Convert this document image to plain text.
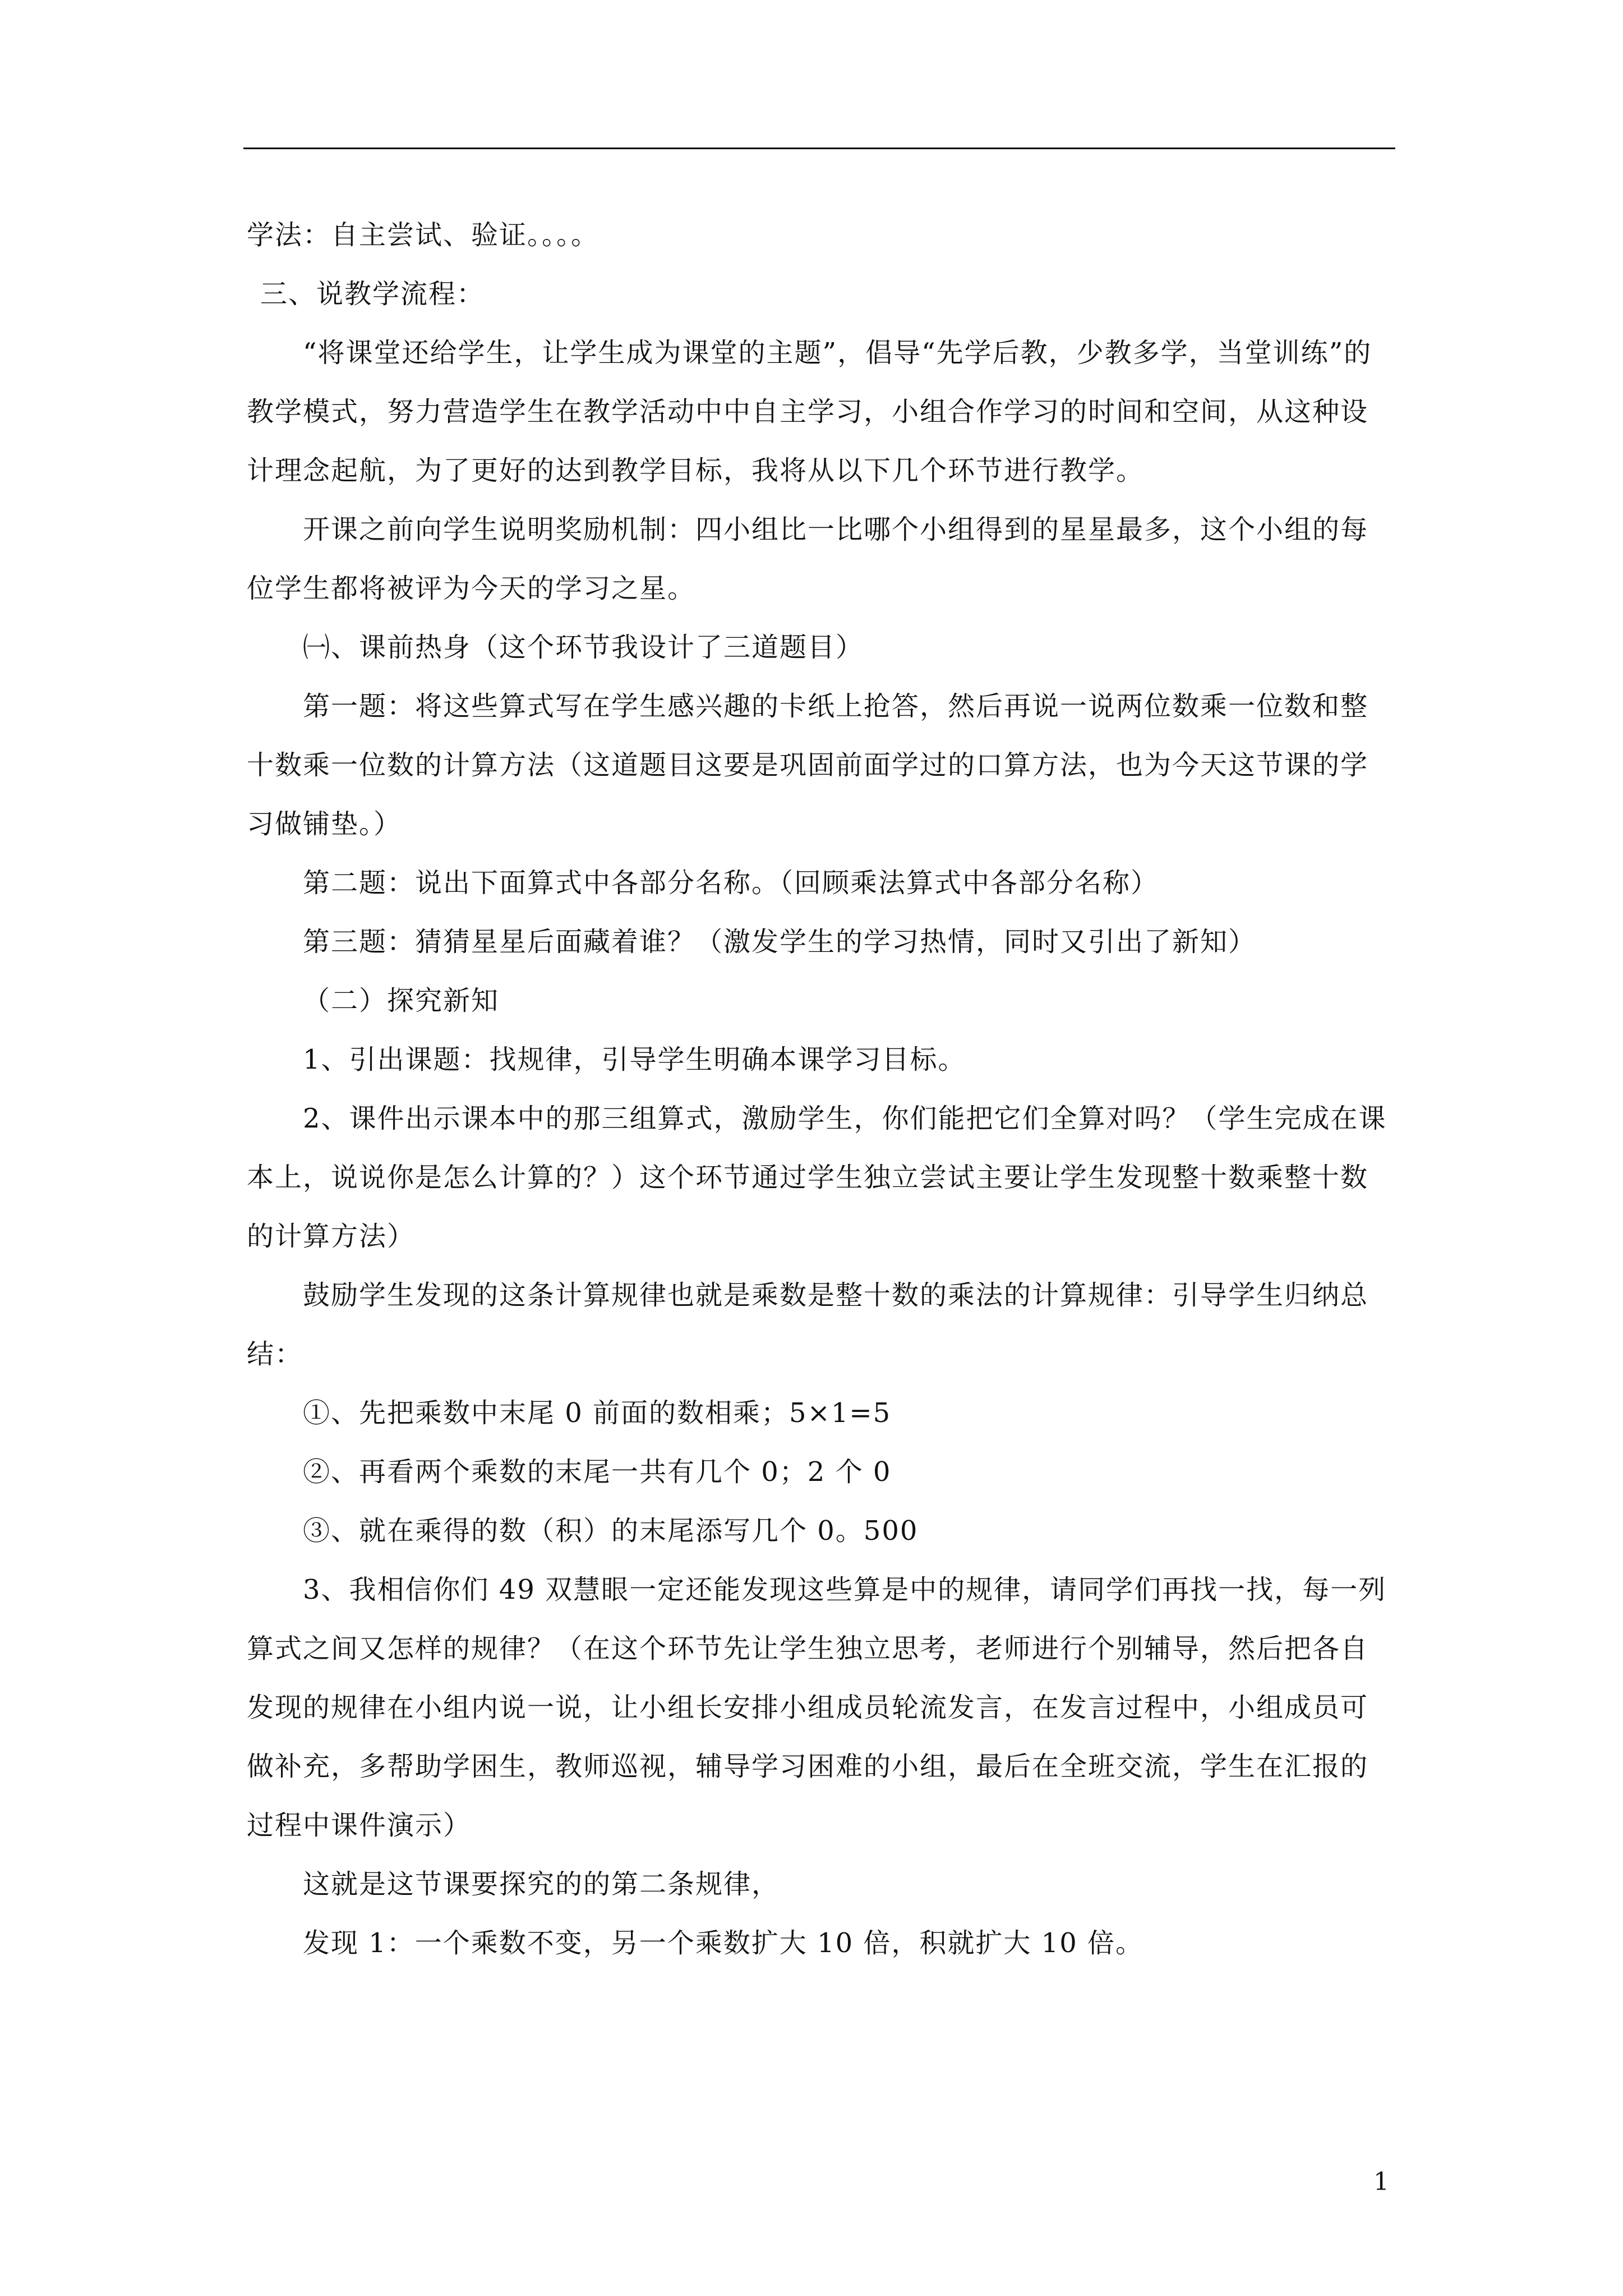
学法：自主尝试、验证。。。。

三、说教学流程：

“将课堂还给学生，让学生成为课堂的主题”，倡导“先学后教，少教多学，当堂训练”的教学模式，努力营造学生在教学活动中中自主学习，小组合作学习的时间和空间，从这种设计理念起航，为了更好的达到教学目标，我将从以下几个环节进行教学。

开课之前向学生说明奖励机制：四小组比一比哪个小组得到的星星最多，这个小组的每位学生都将被评为今天的学习之星。

㈠、课前热身（这个环节我设计了三道题目）

第一题：将这些算式写在学生感兴趣的卡纸上抢答，然后再说一说两位数乘一位数和整十数乘一位数的计算方法（这道题目这要是巩固前面学过的口算方法，也为今天这节课的学习做铺垫。）

第二题：说出下面算式中各部分名称。（回顾乘法算式中各部分名称）

第三题：猜猜星星后面藏着谁？（激发学生的学习热情，同时又引出了新知）

（二）探究新知

1、引出课题：找规律，引导学生明确本课学习目标。

2、课件出示课本中的那三组算式，激励学生，你们能把它们全算对吗？（学生完成在课本上，说说你是怎么计算的？）这个环节通过学生独立尝试主要让学生发现整十数乘整十数的计算方法）

鼓励学生发现的这条计算规律也就是乘数是整十数的乘法的计算规律：引导学生归纳总结：

①、先把乘数中末尾 0 前面的数相乘；5×1=5

②、再看两个乘数的末尾一共有几个 0；2 个 0

③、就在乘得的数（积）的末尾添写几个 0。500

3、我相信你们 49 双慧眼一定还能发现这些算是中的规律，请同学们再找一找，每一列算式之间又怎样的规律？（在这个环节先让学生独立思考，老师进行个别辅导，然后把各自发现的规律在小组内说一说，让小组长安排小组成员轮流发言，在发言过程中，小组成员可做补充，多帮助学困生，教师巡视，辅导学习困难的小组，最后在全班交流，学生在汇报的过程中课件演示）

这就是这节课要探究的的第二条规律，

发现 1：一个乘数不变，另一个乘数扩大 10 倍，积就扩大 10 倍。

1
